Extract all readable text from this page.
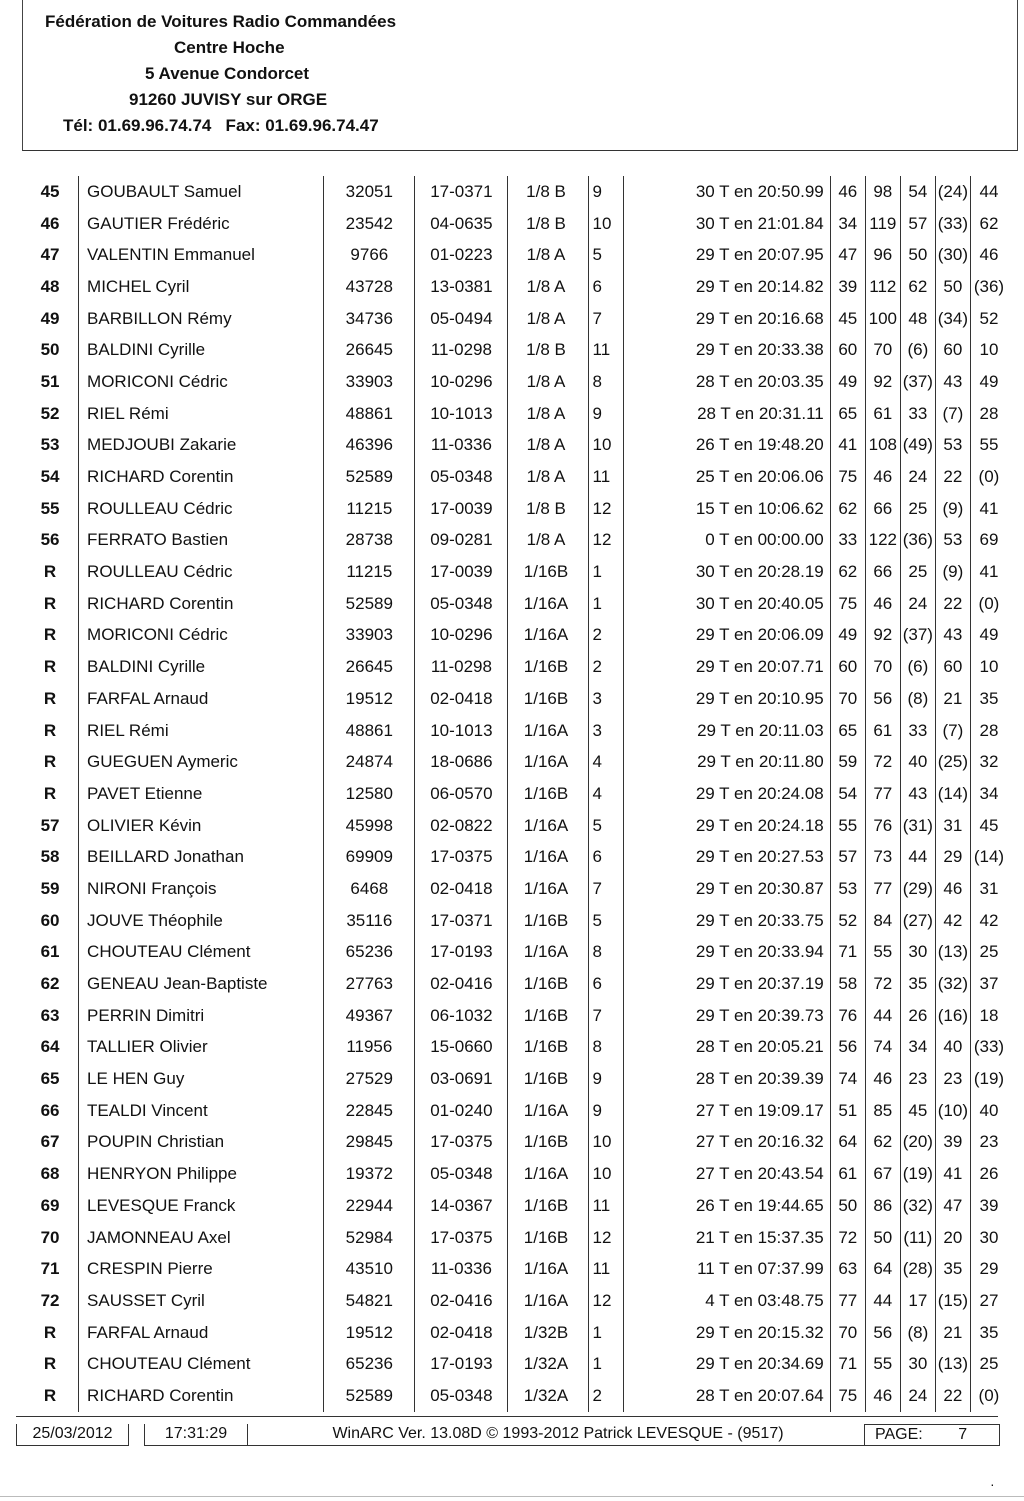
Fédération de Voitures Radio Commandées
Centre Hoche
5 Avenue Condorcet
91260 JUVISY sur ORGE
Tél: 01.69.96.74.74   Fax: 01.69.96.74.47
45	GOUBAULT Samuel	32051	17-0371	1/8 B	9	30 T en 20:50.99	46	98	54	(24)	44
46	GAUTIER Frédéric	23542	04-0635	1/8 B	10	30 T en 21:01.84	34	119	57	(33)	62
47	VALENTIN Emmanuel	9766	01-0223	1/8 A	5	29 T en 20:07.95	47	96	50	(30)	46
48	MICHEL Cyril	43728	13-0381	1/8 A	6	29 T en 20:14.82	39	112	62	50	(36)
49	BARBILLON Rémy	34736	05-0494	1/8 A	7	29 T en 20:16.68	45	100	48	(34)	52
50	BALDINI Cyrille	26645	11-0298	1/8 B	11	29 T en 20:33.38	60	70	(6)	60	10
51	MORICONI Cédric	33903	10-0296	1/8 A	8	28 T en 20:03.35	49	92	(37)	43	49
52	RIEL Rémi	48861	10-1013	1/8 A	9	28 T en 20:31.11	65	61	33	(7)	28
53	MEDJOUBI Zakarie	46396	11-0336	1/8 A	10	26 T en 19:48.20	41	108	(49)	53	55
54	RICHARD Corentin	52589	05-0348	1/8 A	11	25 T en 20:06.06	75	46	24	22	(0)
55	ROULLEAU Cédric	11215	17-0039	1/8 B	12	15 T en 10:06.62	62	66	25	(9)	41
56	FERRATO Bastien	28738	09-0281	1/8 A	12	0 T en 00:00.00	33	122	(36)	53	69
R	ROULLEAU Cédric	11215	17-0039	1/16B	1	30 T en 20:28.19	62	66	25	(9)	41
R	RICHARD Corentin	52589	05-0348	1/16A	1	30 T en 20:40.05	75	46	24	22	(0)
R	MORICONI Cédric	33903	10-0296	1/16A	2	29 T en 20:06.09	49	92	(37)	43	49
R	BALDINI Cyrille	26645	11-0298	1/16B	2	29 T en 20:07.71	60	70	(6)	60	10
R	FARFAL Arnaud	19512	02-0418	1/16B	3	29 T en 20:10.95	70	56	(8)	21	35
R	RIEL Rémi	48861	10-1013	1/16A	3	29 T en 20:11.03	65	61	33	(7)	28
R	GUEGUEN Aymeric	24874	18-0686	1/16A	4	29 T en 20:11.80	59	72	40	(25)	32
R	PAVET Etienne	12580	06-0570	1/16B	4	29 T en 20:24.08	54	77	43	(14)	34
57	OLIVIER Kévin	45998	02-0822	1/16A	5	29 T en 20:24.18	55	76	(31)	31	45
58	BEILLARD Jonathan	69909	17-0375	1/16A	6	29 T en 20:27.53	57	73	44	29	(14)
59	NIRONI François	6468	02-0418	1/16A	7	29 T en 20:30.87	53	77	(29)	46	31
60	JOUVE Théophile	35116	17-0371	1/16B	5	29 T en 20:33.75	52	84	(27)	42	42
61	CHOUTEAU Clément	65236	17-0193	1/16A	8	29 T en 20:33.94	71	55	30	(13)	25
62	GENEAU Jean-Baptiste	27763	02-0416	1/16B	6	29 T en 20:37.19	58	72	35	(32)	37
63	PERRIN Dimitri	49367	06-1032	1/16B	7	29 T en 20:39.73	76	44	26	(16)	18
64	TALLIER Olivier	11956	15-0660	1/16B	8	28 T en 20:05.21	56	74	34	40	(33)
65	LE HEN Guy	27529	03-0691	1/16B	9	28 T en 20:39.39	74	46	23	23	(19)
66	TEALDI Vincent	22845	01-0240	1/16A	9	27 T en 19:09.17	51	85	45	(10)	40
67	POUPIN Christian	29845	17-0375	1/16B	10	27 T en 20:16.32	64	62	(20)	39	23
68	HENRYON Philippe	19372	05-0348	1/16A	10	27 T en 20:43.54	61	67	(19)	41	26
69	LEVESQUE Franck	22944	14-0367	1/16B	11	26 T en 19:44.65	50	86	(32)	47	39
70	JAMONNEAU Axel	52984	17-0375	1/16B	12	21 T en 15:37.35	72	50	(11)	20	30
71	CRESPIN Pierre	43510	11-0336	1/16A	11	11 T en 07:37.99	63	64	(28)	35	29
72	SAUSSET Cyril	54821	02-0416	1/16A	12	4 T en 03:48.75	77	44	17	(15)	27
R	FARFAL Arnaud	19512	02-0418	1/32B	1	29 T en 20:15.32	70	56	(8)	21	35
R	CHOUTEAU Clément	65236	17-0193	1/32A	1	29 T en 20:34.69	71	55	30	(13)	25
R	RICHARD Corentin	52589	05-0348	1/32A	2	28 T en 20:07.64	75	46	24	22	(0)
25/03/2012	17:31:29	WinARC Ver. 13.08D © 1993-2012 Patrick LEVESQUE - (9517)	PAGE: 7
·
